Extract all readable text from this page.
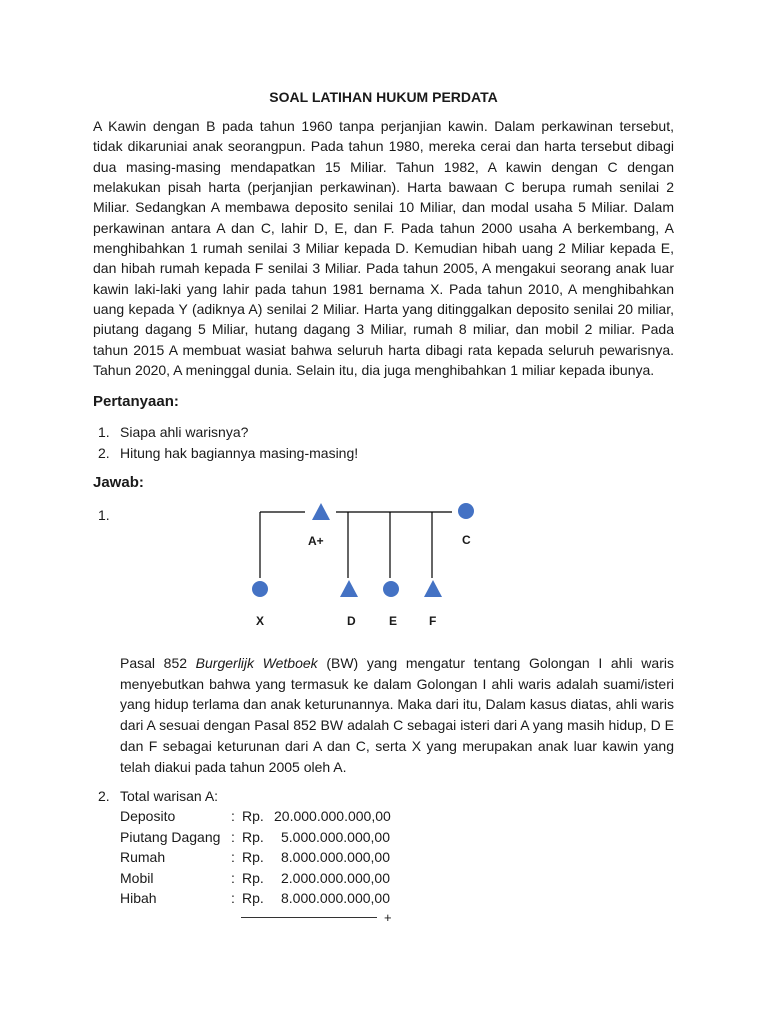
SOAL LATIHAN HUKUM PERDATA

A Kawin dengan B pada tahun 1960 tanpa perjanjian kawin. Dalam perkawinan tersebut, tidak dikaruniai anak seorangpun. Pada tahun 1980, mereka cerai dan harta tersebut dibagi dua masing-masing mendapatkan 15 Miliar. Tahun 1982, A kawin dengan C dengan melakukan pisah harta (perjanjian perkawinan). Harta bawaan C berupa rumah senilai 2 Miliar. Sedangkan A membawa deposito senilai 10 Miliar, dan modal usaha 5 Miliar. Dalam perkawinan antara A dan C, lahir D, E, dan F. Pada tahun 2000 usaha A berkembang, A menghibahkan 1 rumah senilai 3 Miliar kepada D. Kemudian hibah uang 2 Miliar kepada E, dan hibah rumah kepada F senilai 3 Miliar. Pada tahun 2005, A mengakui seorang anak luar kawin laki-laki yang lahir pada tahun 1981 bernama X. Pada tahun 2010, A menghibahkan uang kepada Y (adiknya A) senilai 2 Miliar. Harta yang ditinggalkan deposito senilai 20 miliar, piutang dagang 5 Miliar, hutang dagang 3 Miliar, rumah 8 miliar, dan mobil 2 miliar. Pada tahun 2015 A membuat wasiat bahwa seluruh harta dibagi rata kepada seluruh pewarisnya. Tahun 2020, A meninggal dunia. Selain itu, dia juga menghibahkan 1 miliar kepada ibunya.

Pertanyaan:
1. Siapa ahli warisnya?
2. Hitung hak bagiannya masing-masing!
Jawab:
1.
A+	C
X	D	E	F

Pasal 852 Burgerlijk Wetboek (BW) yang mengatur tentang Golongan I ahli waris menyebutkan bahwa yang termasuk ke dalam Golongan I ahli waris adalah suami/isteri yang hidup terlama dan anak keturunannya. Maka dari itu, Dalam kasus diatas, ahli waris dari A sesuai dengan Pasal 852 BW adalah C sebagai isteri dari A yang masih hidup, D E dan F sebagai keturunan dari A dan C, serta X yang merupakan anak luar kawin yang telah diakui pada tahun 2005 oleh A.

2. Total warisan A:
Deposito	: Rp. 20.000.000.000,00
Piutang Dagang : Rp.	5.000.000.000,00
Rumah	: Rp.	8.000.000.000,00
Mobil	: Rp.	2.000.000.000,00
Hibah	: Rp.	8.000.000.000,00
+
